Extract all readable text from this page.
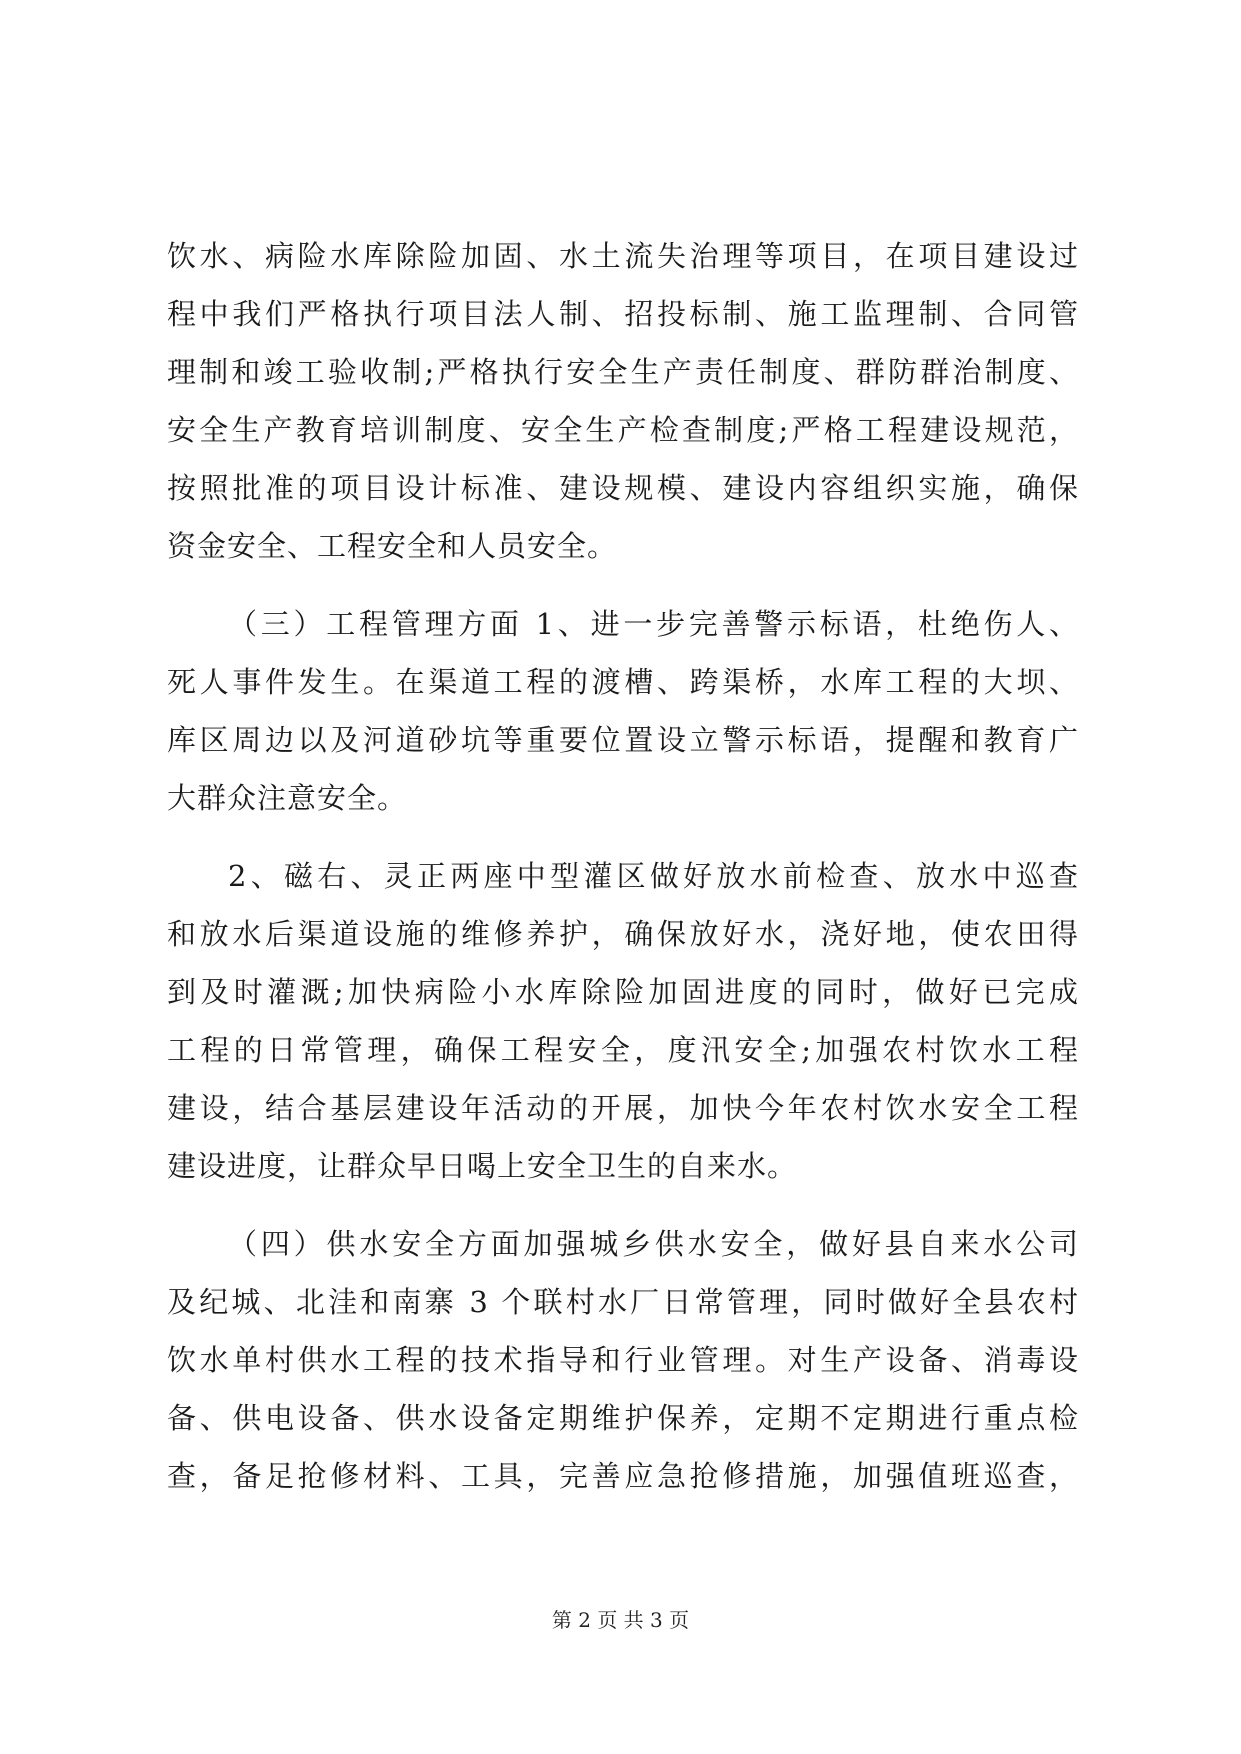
饮水、病险水库除险加固、水土流失治理等项目，在项目建设过
程中我们严格执行项目法人制、招投标制、施工监理制、合同管
理制和竣工验收制;严格执行安全生产责任制度、群防群治制度、
安全生产教育培训制度、安全生产检查制度;严格工程建设规范，
按照批准的项目设计标准、建设规模、建设内容组织实施，确保
资金安全、工程安全和人员安全。
（三）工程管理方面 1、进一步完善警示标语，杜绝伤人、
死人事件发生。在渠道工程的渡槽、跨渠桥，水库工程的大坝、
库区周边以及河道砂坑等重要位置设立警示标语，提醒和教育广
大群众注意安全。
2、磁右、灵正两座中型灌区做好放水前检查、放水中巡查
和放水后渠道设施的维修养护，确保放好水，浇好地，使农田得
到及时灌溉;加快病险小水库除险加固进度的同时，做好已完成
工程的日常管理，确保工程安全，度汛安全;加强农村饮水工程
建设，结合基层建设年活动的开展，加快今年农村饮水安全工程
建设进度，让群众早日喝上安全卫生的自来水。
（四）供水安全方面加强城乡供水安全，做好县自来水公司
及纪城、北洼和南寨 3 个联村水厂日常管理，同时做好全县农村
饮水单村供水工程的技术指导和行业管理。对生产设备、消毒设
备、供电设备、供水设备定期维护保养，定期不定期进行重点检
查，备足抢修材料、工具，完善应急抢修措施，加强值班巡查，
第 2 页 共 3 页
